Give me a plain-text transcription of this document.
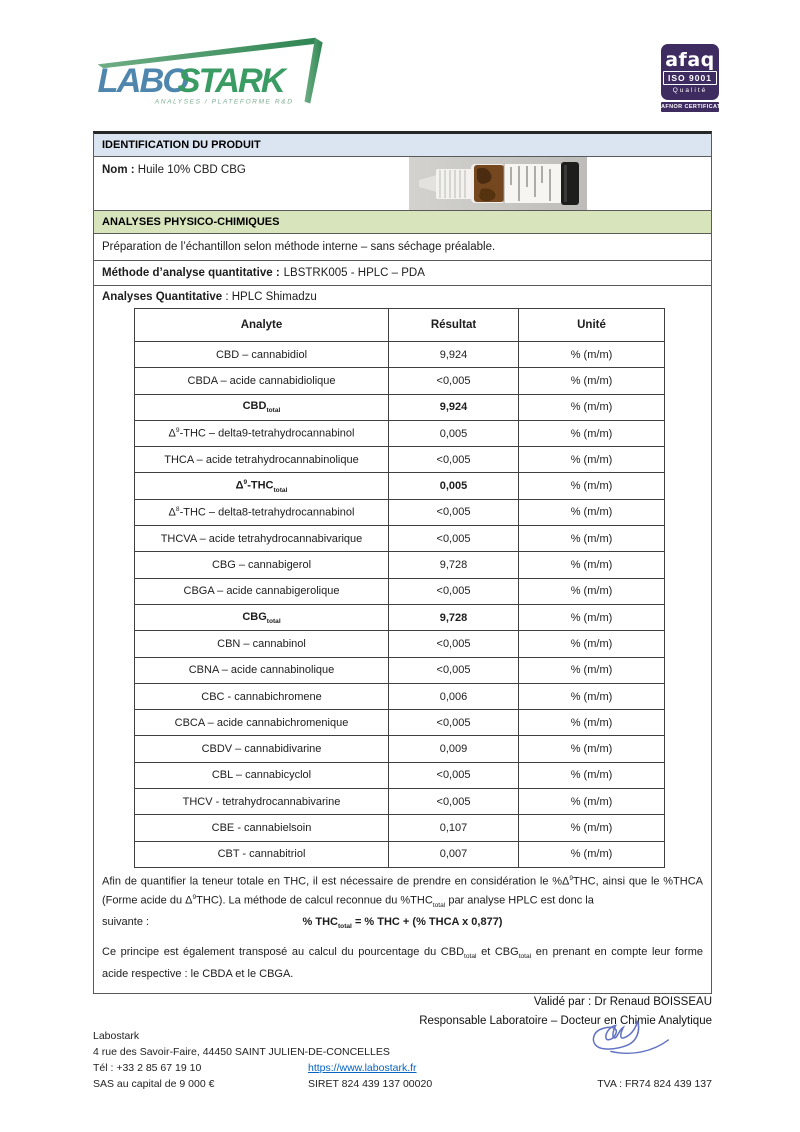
LABO
STARK
ANALYSES / PLATEFORME R&D
afaq
ISO 9001
Qualité
AFNOR CERTIFICATION
IDENTIFICATION DU PRODUIT
Nom : Huile 10% CBD CBG
ANALYSES PHYSICO-CHIMIQUES
Préparation de l’échantillon selon méthode interne – sans séchage préalable.
Méthode d’analyse quantitative : LBSTRK005 - HPLC – PDA
Analyses Quantitative : HPLC Shimadzu
Analyte	Résultat	Unité
CBD – cannabidiol	9,924	% (m/m)
CBDA – acide cannabidiolique	<0,005	% (m/m)
$CBD_{total}$	9,924	% (m/m)
$\Delta^9$-THC – delta9-tetrahydrocannabinol	0,005	% (m/m)
THCA – acide tetrahydrocannabinolique	<0,005	% (m/m)
$\Delta^9-THC_{total}$	0,005	% (m/m)
$\Delta^8$-THC – delta8-tetrahydrocannabinol	<0,005	% (m/m)
THCVA – acide tetrahydrocannabivarique	<0,005	% (m/m)
CBG – cannabigerol	9,728	% (m/m)
CBGA – acide cannabigerolique	<0,005	% (m/m)
$CBG_{total}$	9,728	% (m/m)
CBN – cannabinol	<0,005	% (m/m)
CBNA – acide cannabinolique	<0,005	% (m/m)
CBC - cannabichromene	0,006	% (m/m)
CBCA – acide cannabichromenique	<0,005	% (m/m)
CBDV – cannabidivarine	0,009	% (m/m)
CBL – cannabicyclol	<0,005	% (m/m)
THCV - tetrahydrocannabivarine	<0,005	% (m/m)
CBE - cannabielsoin	0,107	% (m/m)
CBT - cannabitriol	0,007	% (m/m)
Afin de quantifier la teneur totale en THC, il est nécessaire de prendre en considération le $\%\Delta^9THC$, ainsi que le %THCA (Forme acide du $\Delta^9THC$). La méthode de calcul reconnue du $\%THC_{total}$ par analyse HPLC est donc la
suivante :	% $THC_{total}$ = % THC + (% THCA x 0,877)
Ce principe est également transposé au calcul du pourcentage du $CBD_{total}$ et $CBG_{total}$ en prenant en compte leur forme acide respective : le CBDA et le CBGA.
Validé par : Dr Renaud BOISSEAU
Responsable Laboratoire – Docteur en Chimie Analytique
Labostark
4 rue des Savoir-Faire, 44450 SAINT JULIEN-DE-CONCELLES
Tél : +33 2 85 67 19 10
SAS au capital de 9 000 €
https://www.labostark.fr
SIRET 824 439 137 00020	TVA : FR74 824 439 137
